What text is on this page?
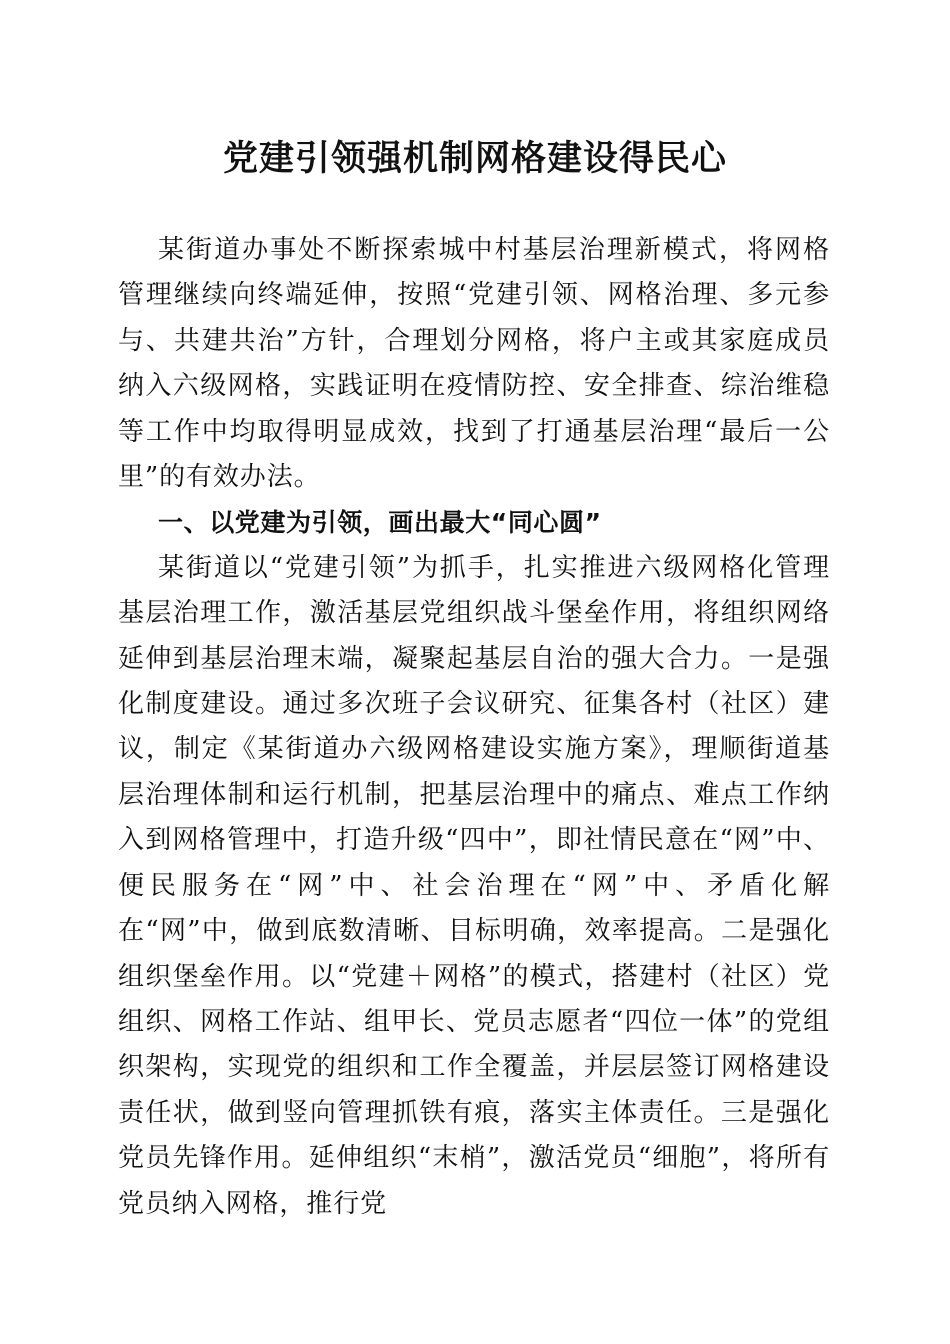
党建引领强机制网格建设得民心

某街道办事处不断探索城中村基层治理新模式，将网格管理继续向终端延伸，按照“党建引领、网格治理、多元参与、共建共治”方针，合理划分网格，将户主或其家庭成员纳入六级网格，实践证明在疫情防控、安全排查、综治维稳等工作中均取得明显成效，找到了打通基层治理“最后一公里”的有效办法。

一、以党建为引领，画出最大“同心圆”

某街道以“党建引领”为抓手，扎实推进六级网格化管理基层治理工作，激活基层党组织战斗堡垒作用，将组织网络延伸到基层治理末端，凝聚起基层自治的强大合力。一是强化制度建设。通过多次班子会议研究、征集各村（社区）建议，制定《某街道办六级网格建设实施方案》，理顺街道基层治理体制和运行机制，把基层治理中的痛点、难点工作纳入到网格管理中，打造升级“四中”，即社情民意在“网”中、便民服务在“网”中、社会治理在“网”中、矛盾化解在“网”中，做到底数清晰、目标明确，效率提高。二是强化组织堡垒作用。以“党建＋网格”的模式，搭建村（社区）党组织、网格工作站、组甲长、党员志愿者“四位一体”的党组织架构，实现党的组织和工作全覆盖，并层层签订网格建设责任状，做到竖向管理抓铁有痕，落实主体责任。三是强化党员先锋作用。延伸组织“末梢”，激活党员“细胞”，将所有党员纳入网格，推行党
